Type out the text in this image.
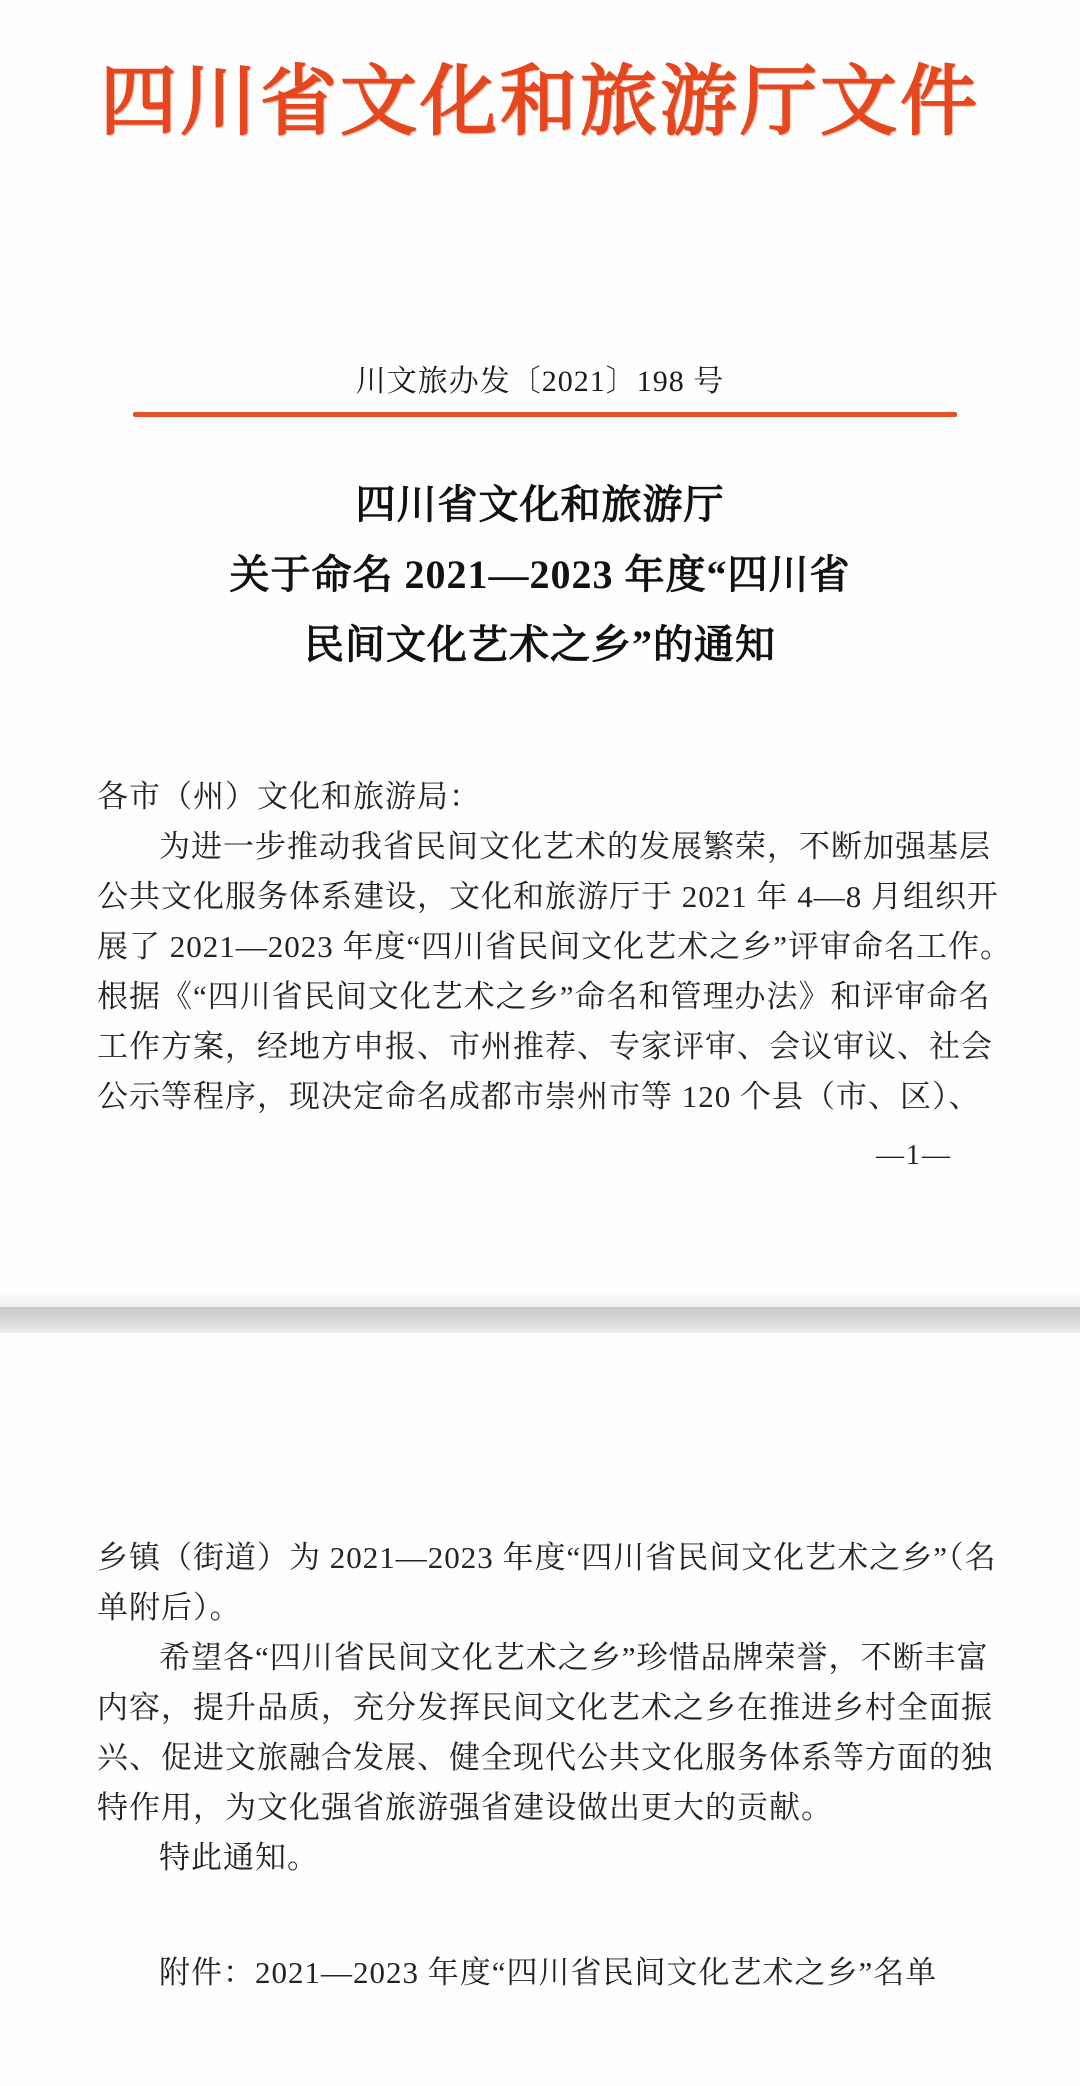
四川省文化和旅游厅文件
川文旅办发〔2021〕198 号
四川省文化和旅游厅
关于命名 2021—2023 年度“四川省
民间文化艺术之乡”的通知
各市（州）文化和旅游局：
为进一步推动我省民间文化艺术的发展繁荣，不断加强基层
公共文化服务体系建设，文化和旅游厅于 2021 年 4—8 月组织开
展了 2021—2023 年度“四川省民间文化艺术之乡”评审命名工作。
根据《“四川省民间文化艺术之乡”命名和管理办法》和评审命名
工作方案，经地方申报、市州推荐、专家评审、会议审议、社会
公示等程序，现决定命名成都市崇州市等 120 个县（市、区）、
—1—
乡镇（街道）为 2021—2023 年度“四川省民间文化艺术之乡”（名
单附后）。
希望各“四川省民间文化艺术之乡”珍惜品牌荣誉，不断丰富
内容，提升品质，充分发挥民间文化艺术之乡在推进乡村全面振
兴、促进文旅融合发展、健全现代公共文化服务体系等方面的独
特作用，为文化强省旅游强省建设做出更大的贡献。
特此通知。
附件：2021—2023 年度“四川省民间文化艺术之乡”名单
